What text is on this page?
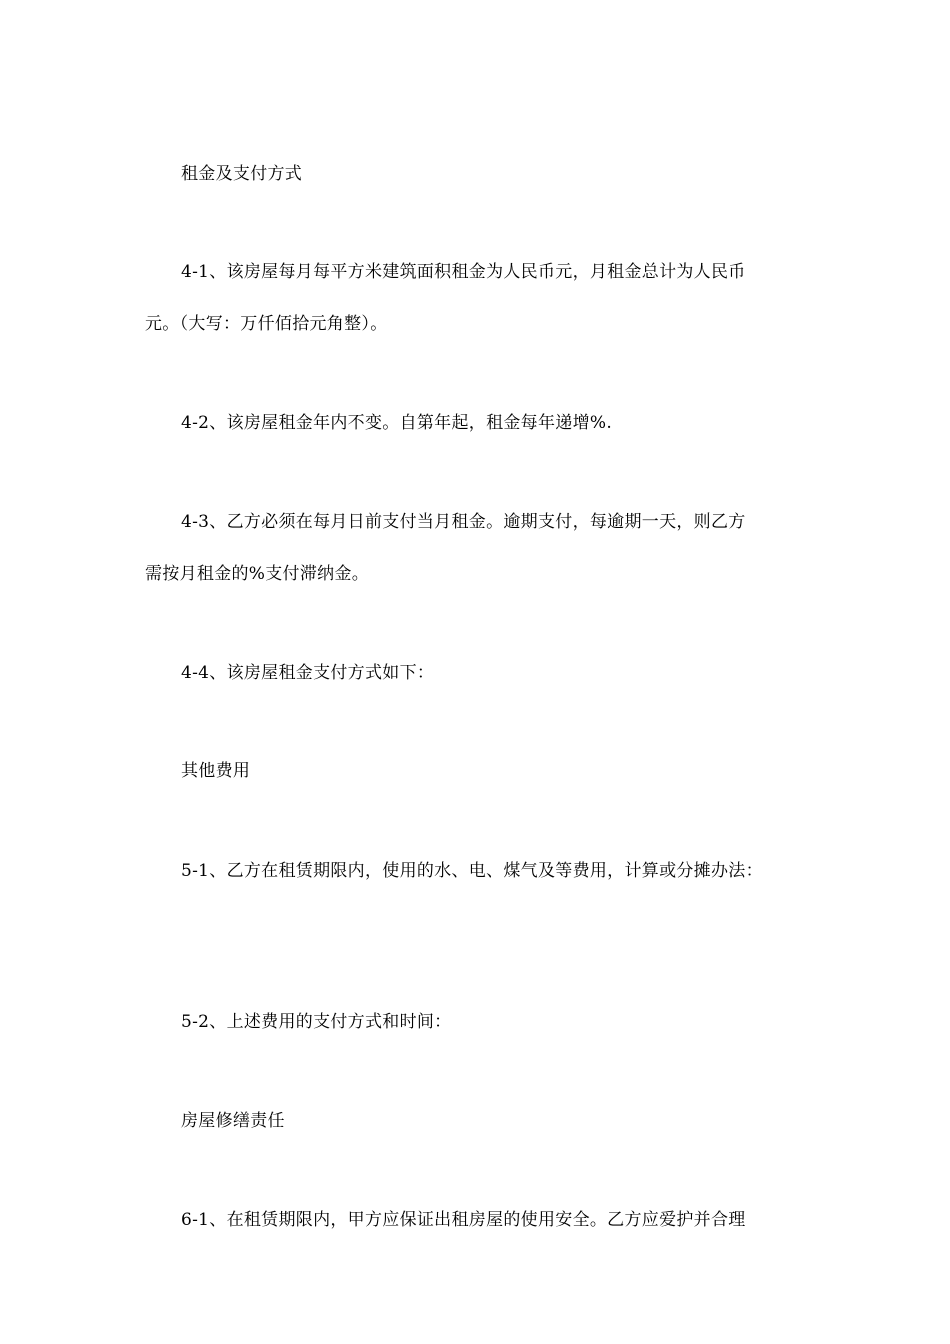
租金及支付方式
4-1、该房屋每月每平方米建筑面积租金为人民币元，月租金总计为人民币
元。（大写：万仟佰拾元角整）。
4-2、该房屋租金年内不变。自第年起，租金每年递增%.
4-3、乙方必须在每月日前支付当月租金。逾期支付，每逾期一天，则乙方
需按月租金的%支付滞纳金。
4-4、该房屋租金支付方式如下：
其他费用
5-1、乙方在租赁期限内，使用的水、电、煤气及等费用，计算或分摊办法：
5-2、上述费用的支付方式和时间：
房屋修缮责任
6-1、在租赁期限内，甲方应保证出租房屋的使用安全。乙方应爱护并合理
